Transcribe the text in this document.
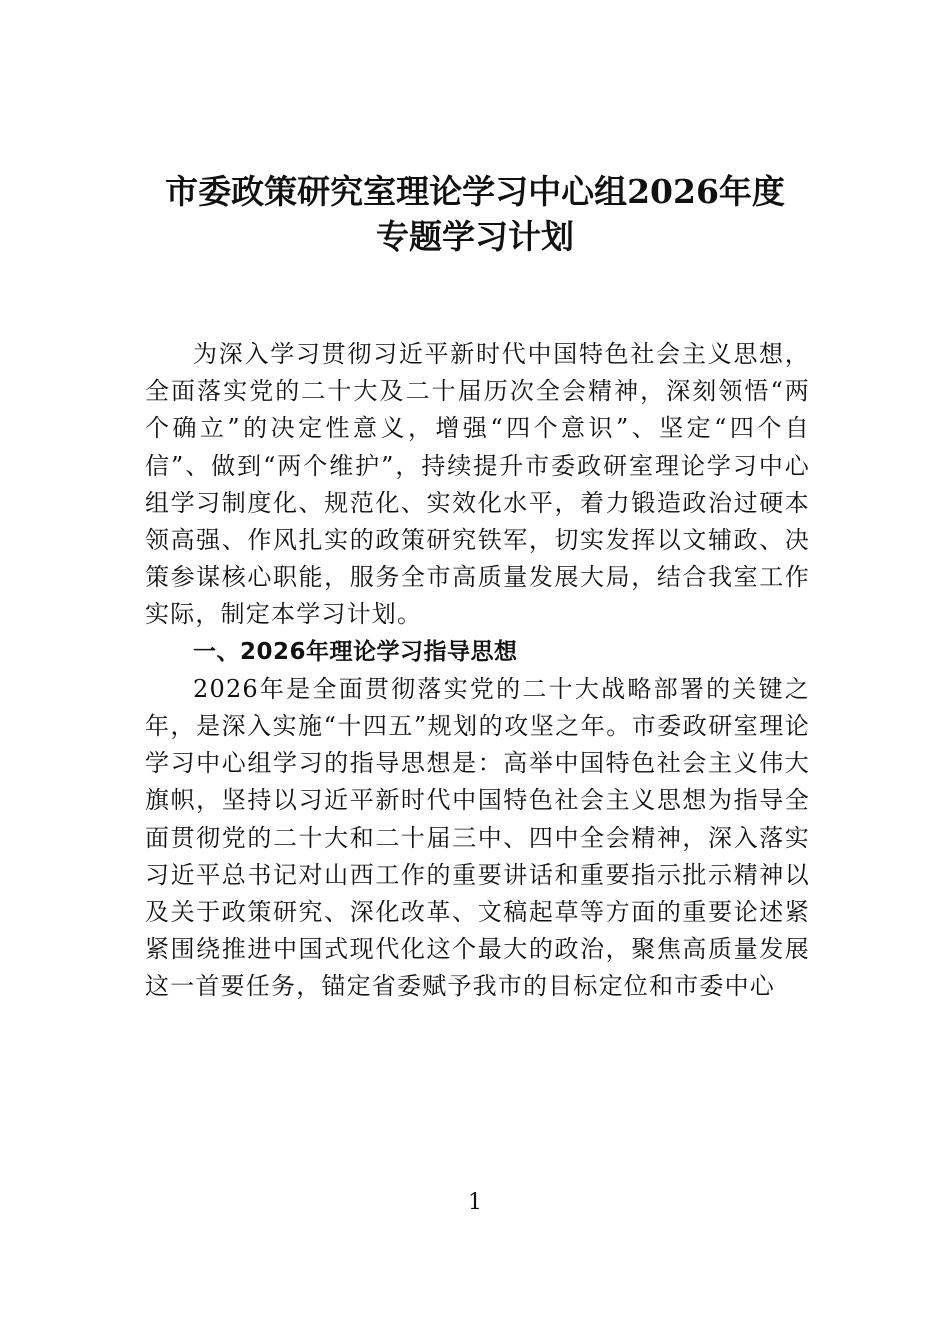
市委政策研究室理论学习中心组2026年度
专题学习计划

为深入学习贯彻习近平新时代中国特色社会主义思想，全面落实党的二十大及二十届历次全会精神，深刻领悟“两个确立”的决定性意义，增强“四个意识”、坚定“四个自信”、做到“两个维护”，持续提升市委政研室理论学习中心组学习制度化、规范化、实效化水平，着力锻造政治过硬本领高强、作风扎实的政策研究铁军，切实发挥以文辅政、决策参谋核心职能，服务全市高质量发展大局，结合我室工作实际，制定本学习计划。

一、2026年理论学习指导思想

2026年是全面贯彻落实党的二十大战略部署的关键之年，是深入实施“十四五”规划的攻坚之年。市委政研室理论学习中心组学习的指导思想是：高举中国特色社会主义伟大旗帜，坚持以习近平新时代中国特色社会主义思想为指导全面贯彻党的二十大和二十届三中、四中全会精神，深入落实习近平总书记对山西工作的重要讲话和重要指示批示精神以及关于政策研究、深化改革、文稿起草等方面的重要论述紧紧围绕推进中国式现代化这个最大的政治，聚焦高质量发展这一首要任务，锚定省委赋予我市的目标定位和市委中心

1
